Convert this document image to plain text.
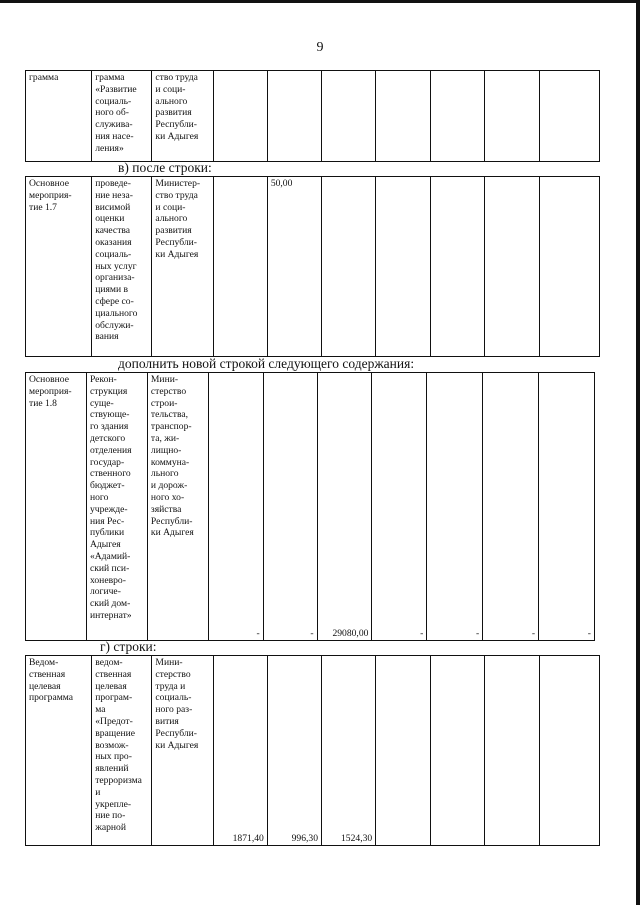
9
грамма	грамма
«Развитие
социаль-
ного об-
служива-
ния насе-
ления»	ство труда
и соци-
ального
развития
Республи-
ки Адыгея							
в) после строки:
Основное
мероприя-
тие 1.7	проведе-
ние неза-
висимой
оценки
качества
оказания
социаль-
ных услуг
организа-
циями в
сфере со-
циального
обслужи-
вания	Министер-
ство труда
и соци-
ального
развития
Республи-
ки Адыгея		50,00					
дополнить новой строкой следующего содержания:
Основное
мероприя-
тие 1.8	Рекон-
струкция
суще-
ствующе-
го здания
детского
отделения
государ-
ственного
бюджет-
ного
учрежде-
ния Рес-
публики
Адыгея
«Адамий-
ский пси-
хоневро-
логиче-
ский дом-
интернат»	Мини-
стерство
строи-
тельства,
транспор-
та, жи-
лищно-
коммуна-
льного
и дорож-
ного хо-
зяйства
Республи-
ки Адыгея	-	-	29080,00	-	-	-	-
г) строки:
Ведом-
ственная
целевая
программа	ведом-
ственная
целевая
програм-
ма
«Предот-
вращение
возмож-
ных про-
явлений
терроризма
и
укрепле-
ние по-
жарной	Мини-
стерство
труда и
социаль-
ного раз-
вития
Республи-
ки Адыгея	1871,40	996,30	1524,30				
